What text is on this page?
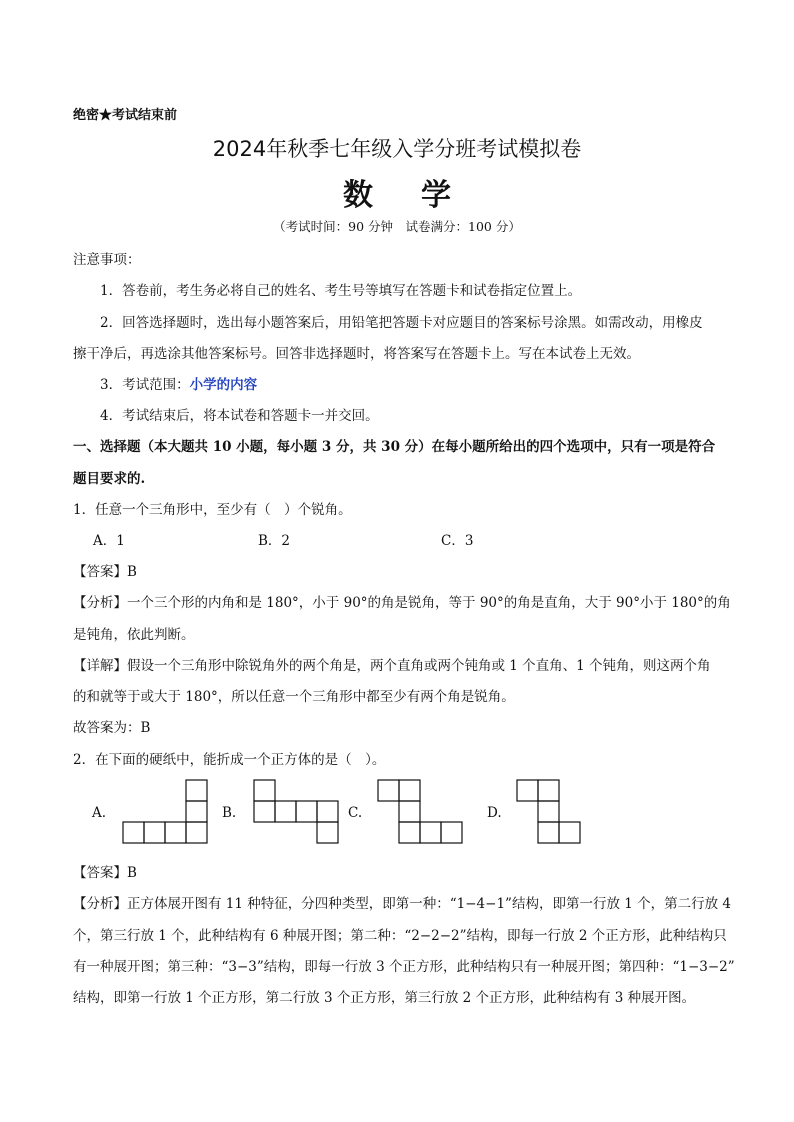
绝密★考试结束前
2024年秋季七年级入学分班考试模拟卷
数学
（考试时间：90 分钟　试卷满分：100 分）
注意事项：
1．答卷前，考生务必将自己的姓名、考生号等填写在答题卡和试卷指定位置上。
2．回答选择题时，选出每小题答案后，用铅笔把答题卡对应题目的答案标号涂黑。如需改动，用橡皮
擦干净后，再选涂其他答案标号。回答非选择题时，将答案写在答题卡上。写在本试卷上无效。
3．考试范围：小学的内容
4．考试结束后，将本试卷和答题卡一并交回。
一、选择题（本大题共 10 小题，每小题 3 分，共 30 分）在每小题所给出的四个选项中，只有一项是符合
题目要求的.
1．任意一个三角形中，至少有（　）个锐角。
A．1	B．2	C．3
【答案】B
【分析】一个三个形的内角和是 180°，小于 90°的角是锐角，等于 90°的角是直角，大于 90°小于 180°的角
是钝角，依此判断。
【详解】假设一个三角形中除锐角外的两个角是，两个直角或两个钝角或 1 个直角、1 个钝角，则这两个角
的和就等于或大于 180°，所以任意一个三角形中都至少有两个角是锐角。
故答案为：B
2．在下面的硬纸中，能折成一个正方体的是（　）。
A.	B.	C.	D.
【答案】B
【分析】正方体展开图有 11 种特征，分四种类型，即第一种：“1−4−1”结构，即第一行放 1 个，第二行放 4
个，第三行放 1 个，此种结构有 6 种展开图；第二种：“2−2−2”结构，即每一行放 2 个正方形，此种结构只
有一种展开图；第三种：“3−3”结构，即每一行放 3 个正方形，此种结构只有一种展开图；第四种：“1−3−2”
结构，即第一行放 1 个正方形，第二行放 3 个正方形，第三行放 2 个正方形，此种结构有 3 种展开图。
